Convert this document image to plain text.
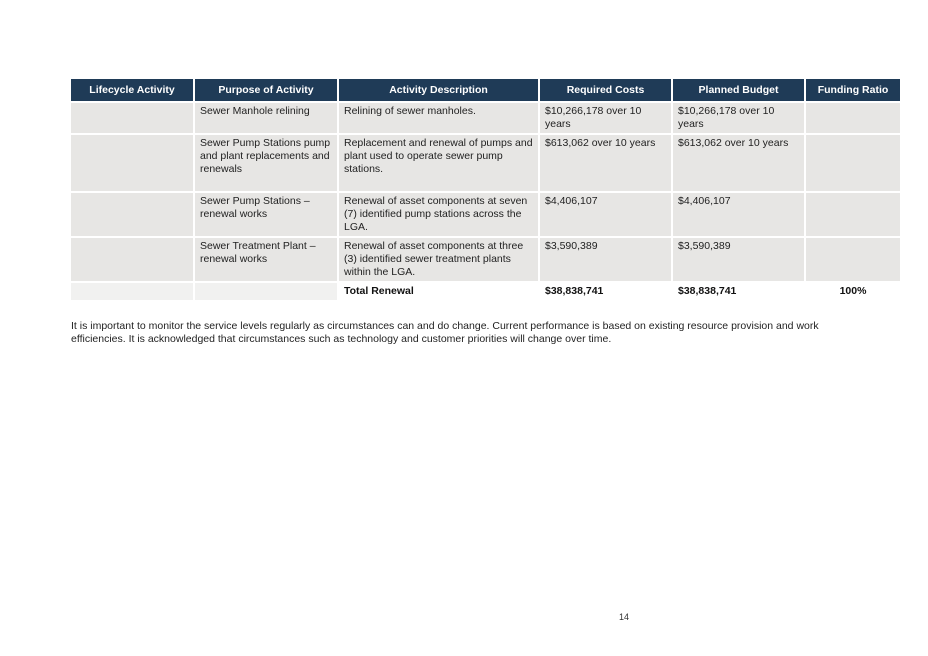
Lifecycle Activity	Purpose of Activity	Activity Description	Required Costs	Planned Budget	Funding Ratio
	Sewer Manhole relining	Relining of sewer manholes.	$10,266,178 over 10 years	$10,266,178 over 10 years	
	Sewer Pump Stations pump and plant replacements and renewals	Replacement and renewal of pumps and plant used to operate sewer pump stations.	$613,062 over 10 years	$613,062 over 10 years	
	Sewer Pump Stations – renewal works	Renewal of asset components at seven (7) identified pump stations across the LGA.	$4,406,107	$4,406,107	
	Sewer Treatment Plant – renewal works	Renewal of asset components at three (3) identified sewer treatment plants within the LGA.	$3,590,389	$3,590,389	
		Total Renewal	$38,838,741	$38,838,741	100%

It is important to monitor the service levels regularly as circumstances can and do change. Current performance is based on existing resource provision and work efficiencies. It is acknowledged that circumstances such as technology and customer priorities will change over time.

14
